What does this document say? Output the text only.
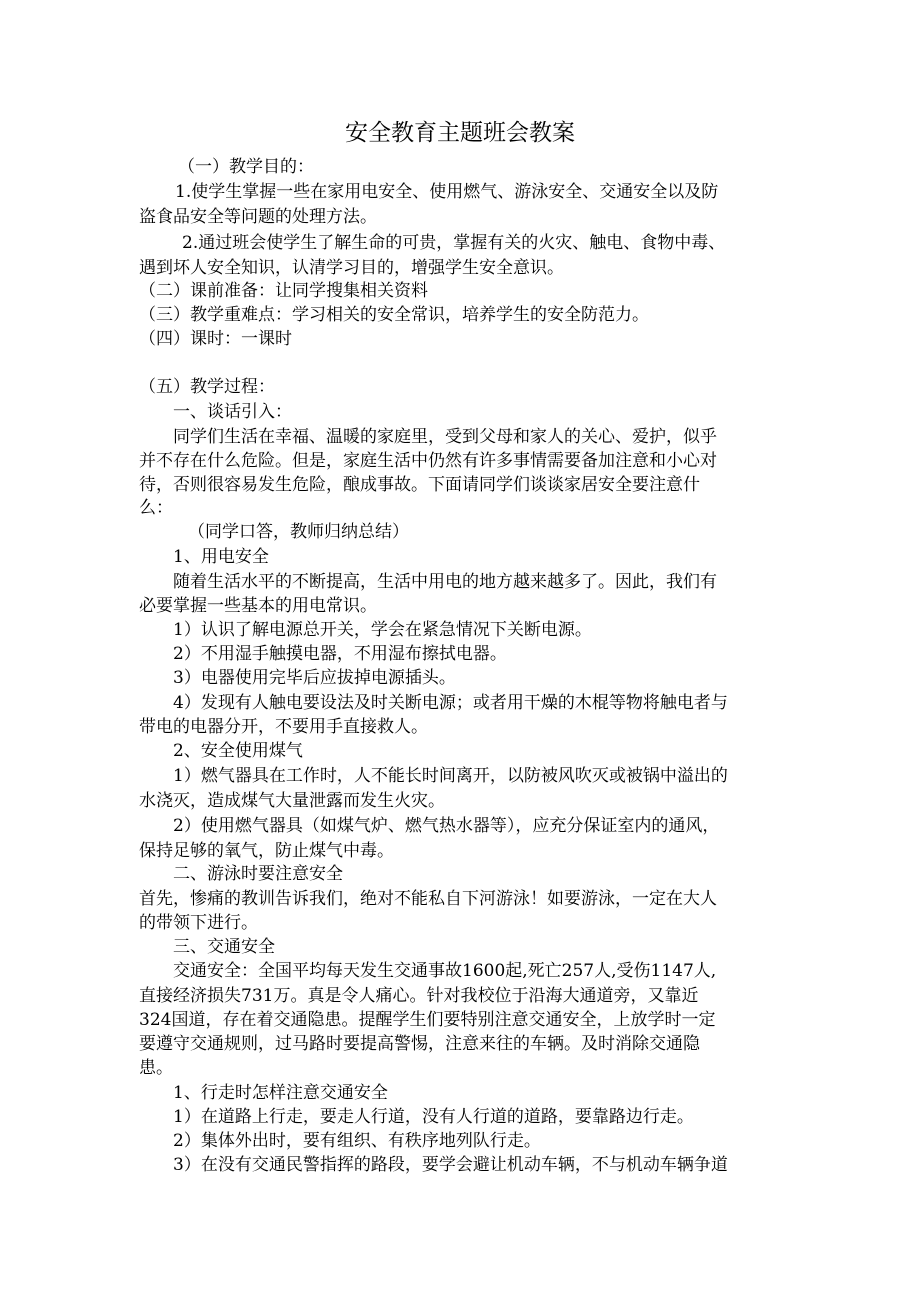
安全教育主题班会教案
（一）教学目的：
1.使学生掌握一些在家用电安全、使用燃气、游泳安全、交通安全以及防
盗食品安全等问题的处理方法。
2.通过班会使学生了解生命的可贵，掌握有关的火灾、触电、食物中毒、
遇到坏人安全知识，认清学习目的，增强学生安全意识。
（二）课前准备：让同学搜集相关资料
（三）教学重难点：学习相关的安全常识，培养学生的安全防范力。
（四）课时：一课时
（五）教学过程：
一、谈话引入：
同学们生活在幸福、温暖的家庭里，受到父母和家人的关心、爱护，似乎
并不存在什么危险。但是，家庭生活中仍然有许多事情需要备加注意和小心对
待，否则很容易发生危险，酿成事故。下面请同学们谈谈家居安全要注意什
么：
（同学口答，教师归纳总结）
1、用电安全
随着生活水平的不断提高，生活中用电的地方越来越多了。因此，我们有
必要掌握一些基本的用电常识。
1）认识了解电源总开关，学会在紧急情况下关断电源。
2）不用湿手触摸电器，不用湿布擦拭电器。
3）电器使用完毕后应拔掉电源插头。
4）发现有人触电要设法及时关断电源；或者用干燥的木棍等物将触电者与
带电的电器分开，不要用手直接救人。
2、安全使用煤气
1）燃气器具在工作时，人不能长时间离开，以防被风吹灭或被锅中溢出的
水浇灭，造成煤气大量泄露而发生火灾。
2）使用燃气器具（如煤气炉、燃气热水器等），应充分保证室内的通风，
保持足够的氧气，防止煤气中毒。
二、游泳时要注意安全
首先，惨痛的教训告诉我们，绝对不能私自下河游泳！如要游泳，一定在大人
的带领下进行。
三、交通安全
交通安全：全国平均每天发生交通事故1600起,死亡257人,受伤1147人,
直接经济损失731万。真是令人痛心。针对我校位于沿海大通道旁，又靠近
324国道，存在着交通隐患。提醒学生们要特别注意交通安全，上放学时一定
要遵守交通规则，过马路时要提高警惕，注意来往的车辆。及时消除交通隐
患。
1、行走时怎样注意交通安全
1）在道路上行走，要走人行道，没有人行道的道路，要靠路边行走。
2）集体外出时，要有组织、有秩序地列队行走。
3）在没有交通民警指挥的路段，要学会避让机动车辆，不与机动车辆争道
